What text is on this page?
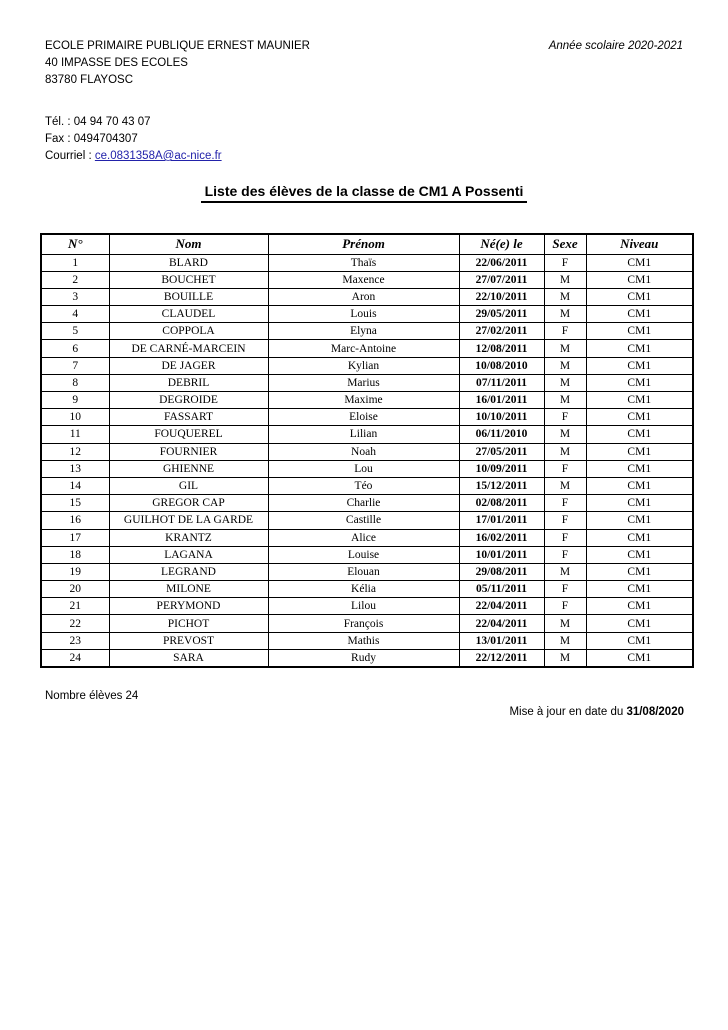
ECOLE PRIMAIRE PUBLIQUE ERNEST MAUNIER
40 IMPASSE DES ECOLES
83780 FLAYOSC
Année scolaire 2020-2021
Tél. : 04 94 70 43 07
Fax : 0494704307
Courriel : ce.0831358A@ac-nice.fr
Liste des élèves de la classe de CM1 A Possenti
N°	Nom	Prénom	Né(e) le	Sexe	Niveau
1	BLARD	Thaïs	22/06/2011	F	CM1
2	BOUCHET	Maxence	27/07/2011	M	CM1
3	BOUILLE	Aron	22/10/2011	M	CM1
4	CLAUDEL	Louis	29/05/2011	M	CM1
5	COPPOLA	Elyna	27/02/2011	F	CM1
6	DE CARNÉ-MARCEIN	Marc-Antoine	12/08/2011	M	CM1
7	DE JAGER	Kylian	10/08/2010	M	CM1
8	DEBRIL	Marius	07/11/2011	M	CM1
9	DEGROIDE	Maxime	16/01/2011	M	CM1
10	FASSART	Eloise	10/10/2011	F	CM1
11	FOUQUEREL	Lilian	06/11/2010	M	CM1
12	FOURNIER	Noah	27/05/2011	M	CM1
13	GHIENNE	Lou	10/09/2011	F	CM1
14	GIL	Téo	15/12/2011	M	CM1
15	GREGOR CAP	Charlie	02/08/2011	F	CM1
16	GUILHOT DE LA GARDE	Castille	17/01/2011	F	CM1
17	KRANTZ	Alice	16/02/2011	F	CM1
18	LAGANA	Louise	10/01/2011	F	CM1
19	LEGRAND	Elouan	29/08/2011	M	CM1
20	MILONE	Kélia	05/11/2011	F	CM1
21	PERYMOND	Lilou	22/04/2011	F	CM1
22	PICHOT	François	22/04/2011	M	CM1
23	PREVOST	Mathis	13/01/2011	M	CM1
24	SARA	Rudy	22/12/2011	M	CM1
Nombre élèves 24
Mise à jour en date du 31/08/2020
